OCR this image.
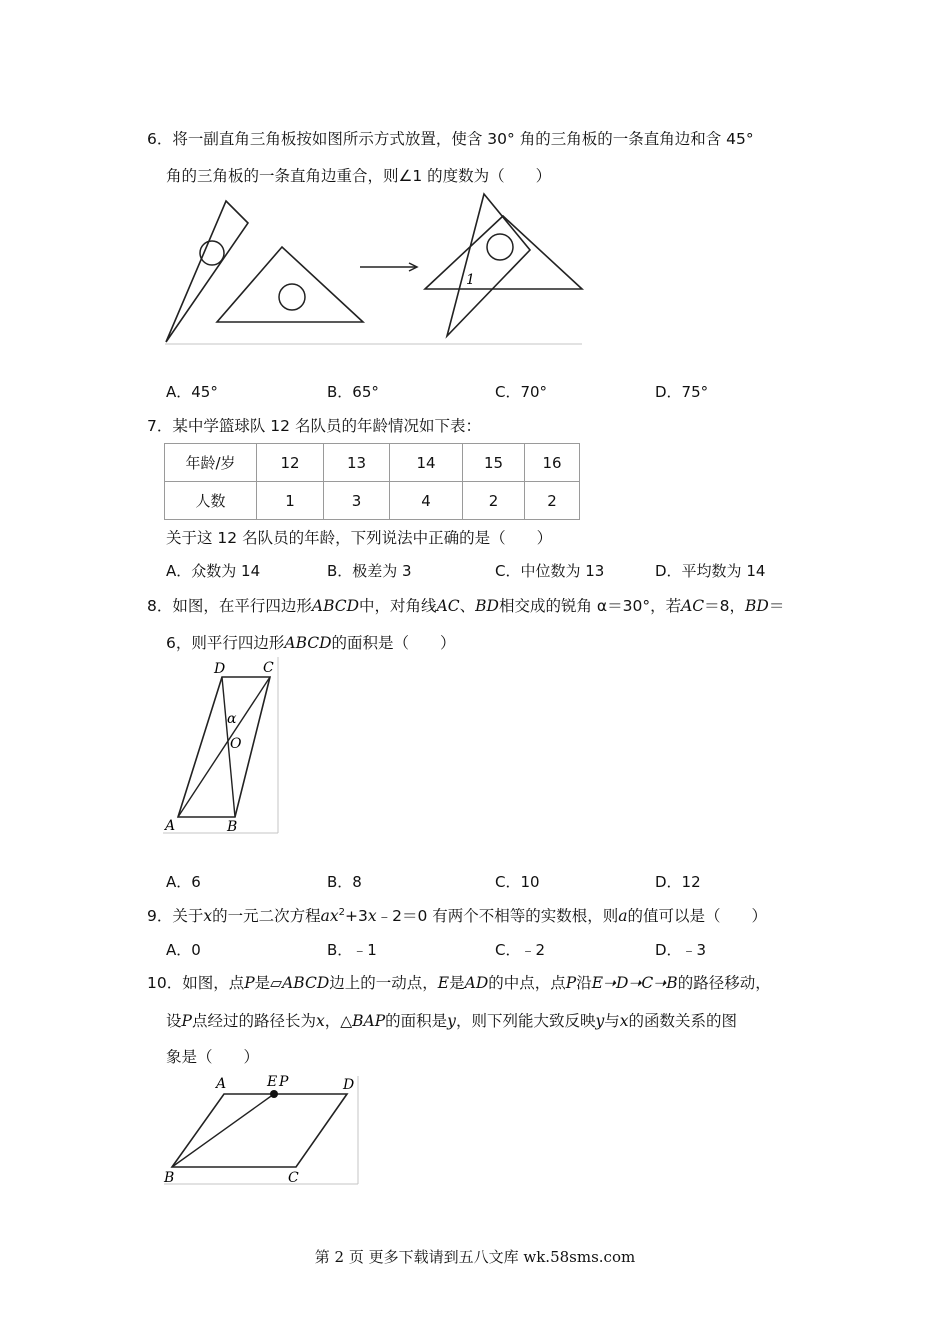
6．将一副直角三角板按如图所示方式放置，使含 30° 角的三角板的一条直角边和含 45°
角的三角板的一条直角边重合，则∠1 的度数为（　　）
1
A．45°	B．65°	C．70°	D．75°
7．某中学篮球队 12 名队员的年龄情况如下表：
年龄/岁	12	13	14	15	16
人数	1	3	4	2	2
关于这 12 名队员的年龄，下列说法中正确的是（　　）
A．众数为 14	B．极差为 3	C．中位数为 13	D．平均数为 14
8．如图，在平行四边形ABCD中，对角线AC、BD相交成的锐角 α＝30°，若AC＝8，BD＝
6，则平行四边形ABCD的面积是（　　）
D	C
α
O
A	B
A．6	B．8	C．10	D．12
9．关于x的一元二次方程$ax^2+3x﹣2=0$ 有两个不相等的实数根，则a的值可以是（　　）
A．0	B．﹣1	C．﹣2	D．﹣3
10．如图，点P是▱ABCD边上的一动点，E是AD的中点，点P沿E➝D➝C➝B的路径移动，
设P点经过的路径长为x，△BAP的面积是y，则下列能大致反映y与x的函数关系的图
象是（　　）
A	E P	D
B	C
第 2 页 更多下载请到五八文库 wk.58sms.com
